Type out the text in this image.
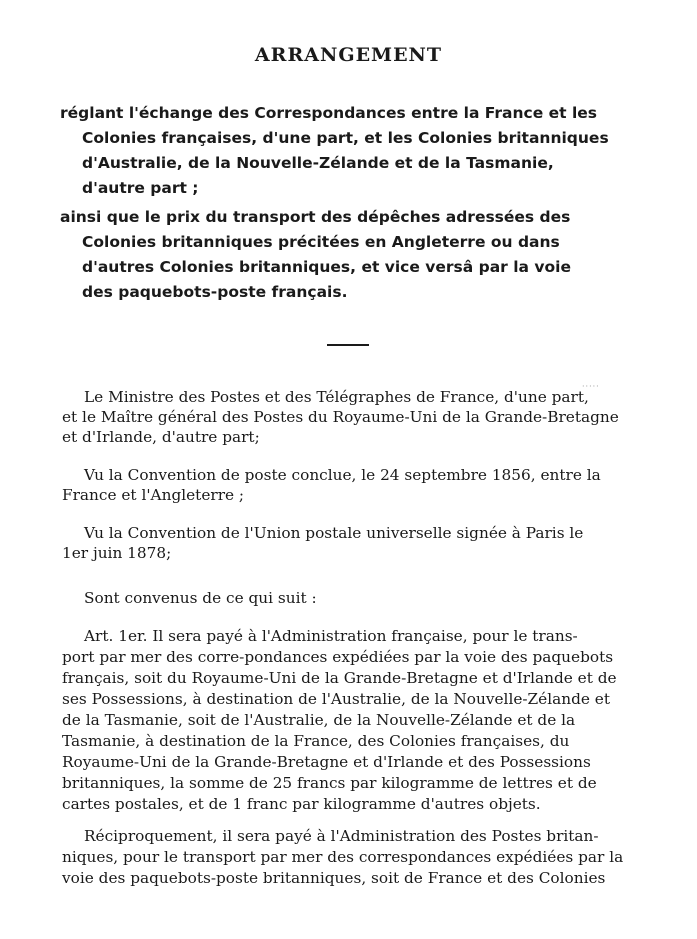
ARRANGEMENT
réglant l'échange des Correspondances entre la France et les
Colonies françaises, d'une part, et les Colonies britanniques
d'Australie, de la Nouvelle-Zélande et de la Tasmanie,
d'autre part ;
ainsi que le prix du transport des dépêches adressées des
Colonies britanniques précitées en Angleterre ou dans
d'autres Colonies britanniques, et vice versâ par la voie
des paquebots-poste français.
·····
Le Ministre des Postes et des Télégraphes de France, d'une part,
et le Maître général des Postes du Royaume-Uni de la Grande-Bretagne
et d'Irlande, d'autre part;
Vu la Convention de poste conclue, le 24 septembre 1856, entre la
France et l'Angleterre ;
Vu la Convention de l'Union postale universelle signée à Paris le
1er juin 1878;
Sont convenus de ce qui suit :
Art. 1er. Il sera payé à l'Administration française, pour le trans-
port par mer des corre-pondances expédiées par la voie des paquebots
français, soit du Royaume-Uni de la Grande-Bretagne et d'Irlande et de
ses Possessions, à destination de l'Australie, de la Nouvelle-Zélande et
de la Tasmanie, soit de l'Australie, de la Nouvelle-Zélande et de la
Tasmanie, à destination de la France, des Colonies françaises, du
Royaume-Uni de la Grande-Bretagne et d'Irlande et des Possessions
britanniques, la somme de 25 francs par kilogramme de lettres et de
cartes postales, et de 1 franc par kilogramme d'autres objets.
Réciproquement, il sera payé à l'Administration des Postes britan-
niques, pour le transport par mer des correspondances expédiées par la
voie des paquebots-poste britanniques, soit de France et des Colonies
